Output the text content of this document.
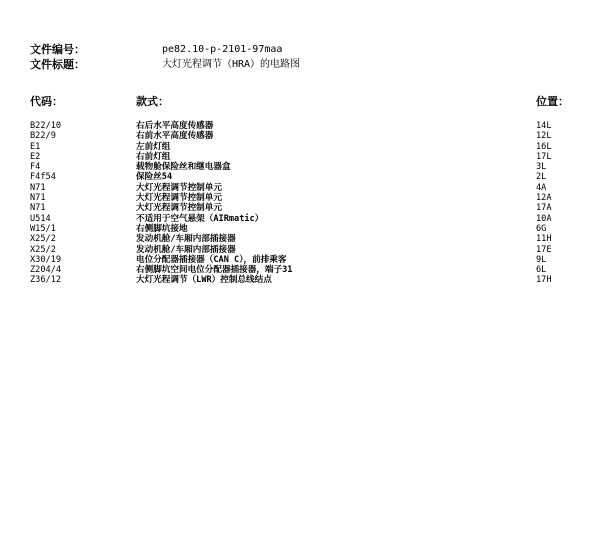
文件编号：	pe82.10-p-2101-97maa
文件标题：	大灯光程调节（HRA）的电路图
代码：	款式：	位置：
B22/10	右后水平高度传感器	14L
B22/9	右前水平高度传感器	12L
E1	左前灯组	16L
E2	右前灯组	17L
F4	载物舱保险丝和继电器盒	3L
F4f54	保险丝54	2L
N71	大灯光程调节控制单元	4A
N71	大灯光程调节控制单元	12A
N71	大灯光程调节控制单元	17A
U514	不适用于空气悬架（AIRmatic）	10A
W15/1	右侧脚坑接地	6G
X25/2	发动机舱/车厢内部插接器	11H
X25/2	发动机舱/车厢内部插接器	17E
X30/19	电位分配器插接器（CAN C），前排乘客	9L
Z204/4	右侧脚坑空间电位分配器插接器，端子31	6L
Z36/12	大灯光程调节（LWR）控制总线结点	17H
